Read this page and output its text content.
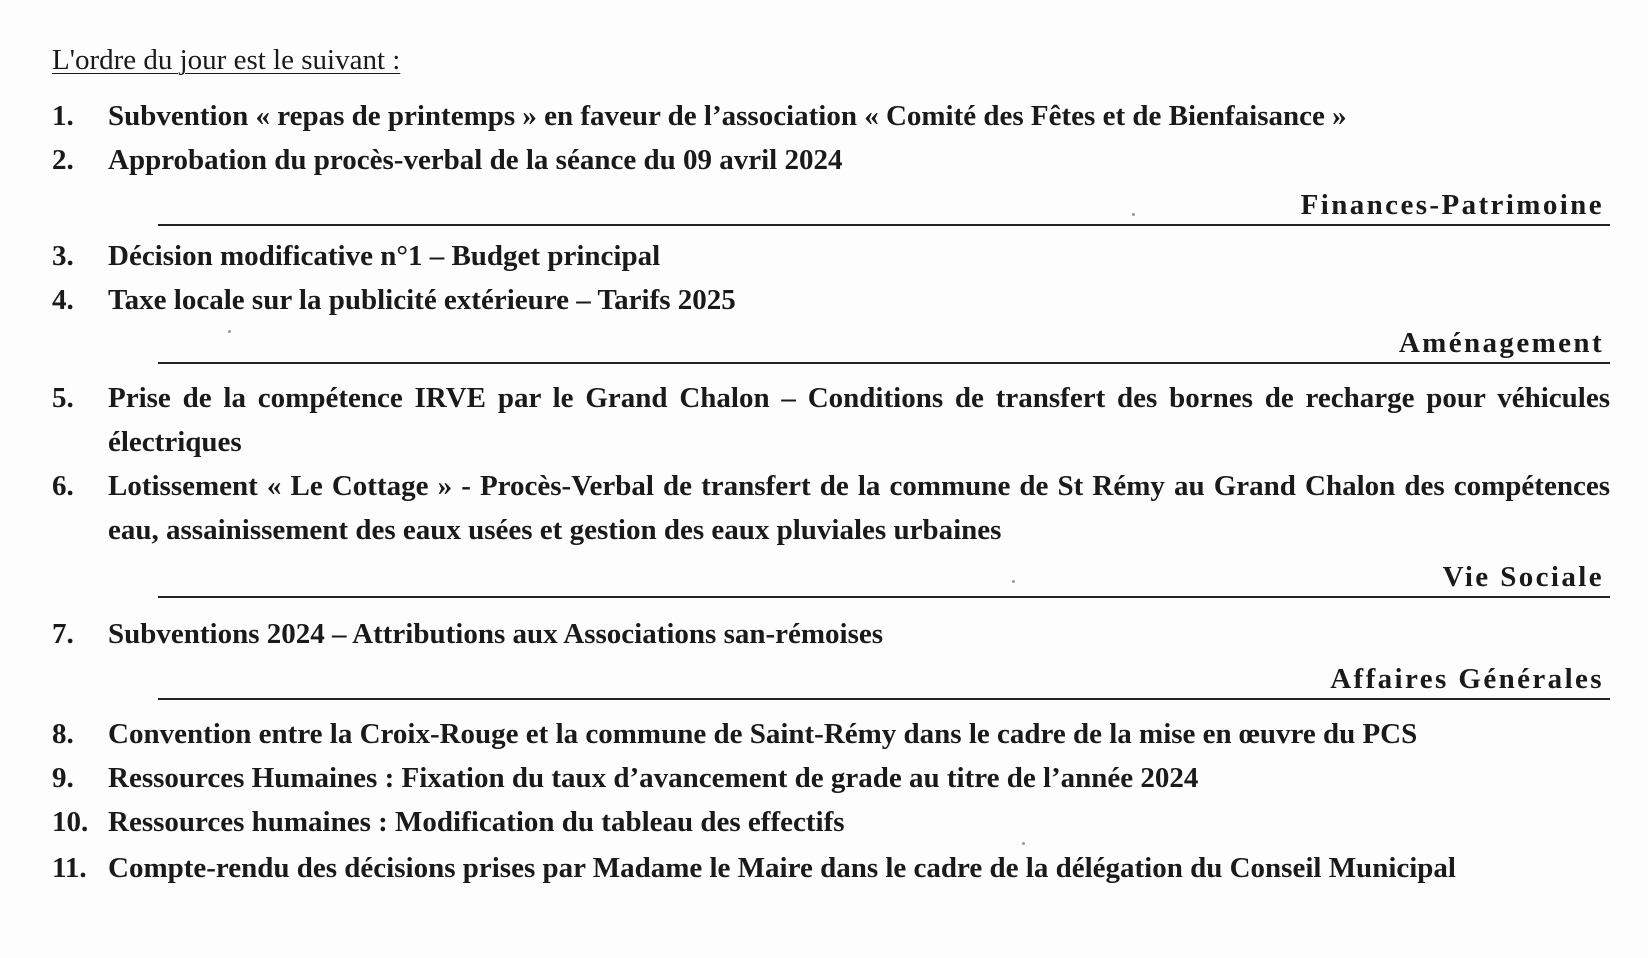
L'ordre du jour est le suivant :
1. Subvention « repas de printemps » en faveur de l’association « Comité des Fêtes et de Bienfaisance »
2. Approbation du procès-verbal de la séance du 09 avril 2024
Finances-Patrimoine
3. Décision modificative n°1 – Budget principal
4. Taxe locale sur la publicité extérieure – Tarifs 2025
Aménagement
5. Prise de la compétence IRVE par le Grand Chalon – Conditions de transfert des bornes de recharge pour véhicules électriques
6. Lotissement « Le Cottage » - Procès-Verbal de transfert de la commune de St Rémy au Grand Chalon des compétences eau, assainissement des eaux usées et gestion des eaux pluviales urbaines
Vie Sociale
7. Subventions 2024 – Attributions aux Associations san-rémoises
Affaires Générales
8. Convention entre la Croix-Rouge et la commune de Saint-Rémy dans le cadre de la mise en œuvre du PCS
9. Ressources Humaines : Fixation du taux d’avancement de grade au titre de l’année 2024
10. Ressources humaines : Modification du tableau des effectifs
11. Compte-rendu des décisions prises par Madame le Maire dans le cadre de la délégation du Conseil Municipal
